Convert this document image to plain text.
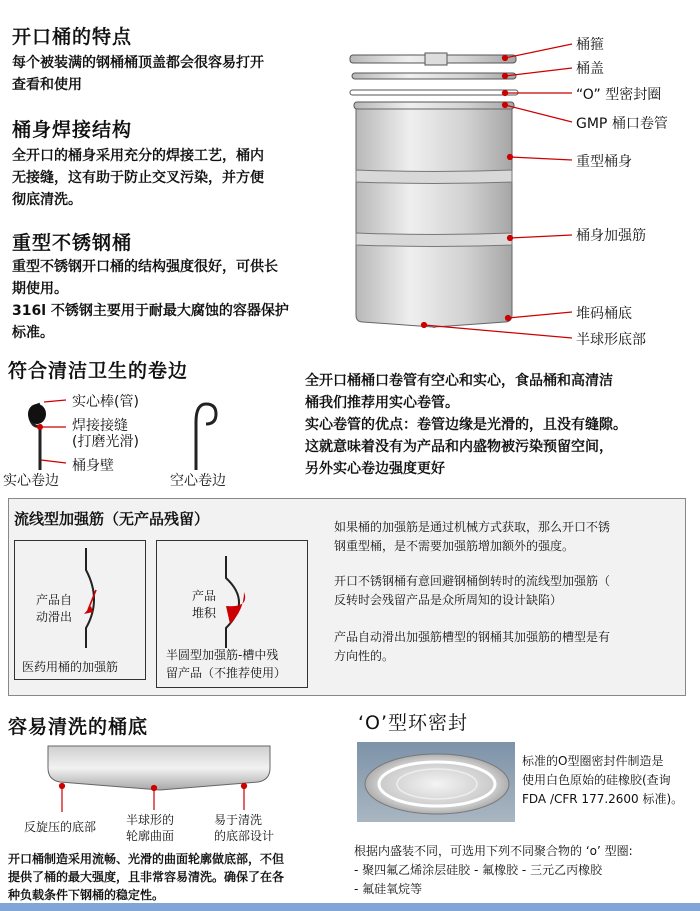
开口桶的特点
每个被装满的钢桶桶顶盖都会很容易打开
查看和使用
桶身焊接结构
全开口的桶身采用充分的焊接工艺，桶内
无接缝，这有助于防止交叉污染，并方便
彻底清洗。
重型不锈钢桶
重型不锈钢开口桶的结构强度很好，可供长
期使用。
316l 不锈钢主要用于耐最大腐蚀的容器保护
标准。
桶箍
桶盖
“O” 型密封圈
GMP 桶口卷管
重型桶身
桶身加强筋
堆码桶底
半球形底部
符合清洁卫生的卷边
实心棒(管)
焊接接缝
(打磨光滑)
桶身壁
实心卷边	空心卷边
全开口桶桶口卷管有空心和实心，食品桶和高清洁
桶我们推荐用实心卷管。
实心卷管的优点：卷管边缘是光滑的，且没有缝隙。
这就意味着没有为产品和内盛物被污染预留空间，
另外实心卷边强度更好
流线型加强筋（无产品残留）
产品自
动滑出
医药用桶的加强筋
产品
堆积
半圆型加强筋-槽中残
留产品（不推荐使用）
如果桶的加强筋是通过机械方式获取，那么开口不锈
钢重型桶，是不需要加强筋增加额外的强度。
开口不锈钢桶有意回避钢桶倒转时的流线型加强筋（
反转时会残留产品是众所周知的设计缺陷）
产品自动滑出加强筋槽型的钢桶其加强筋的槽型是有
方向性的。
容易清洗的桶底
反旋压的底部 半球形的
轮廓曲面
易于清洗
的底部设计
开口桶制造采用流畅、光滑的曲面轮廓做底部，不但
提供了桶的最大强度，且非常容易清洗。确保了在各
种负载条件下钢桶的稳定性。
‘O’型环密封
标准的O型圈密封件制造是
使用白色原始的硅橡胶(查询
FDA /CFR 177.2600 标准)。
根据内盛装不同，可选用下列不同聚合物的 ‘o’ 型圈:
- 聚四氟乙烯涂层硅胶 - 氟橡胶 - 三元乙丙橡胶
- 氟硅氧烷等
